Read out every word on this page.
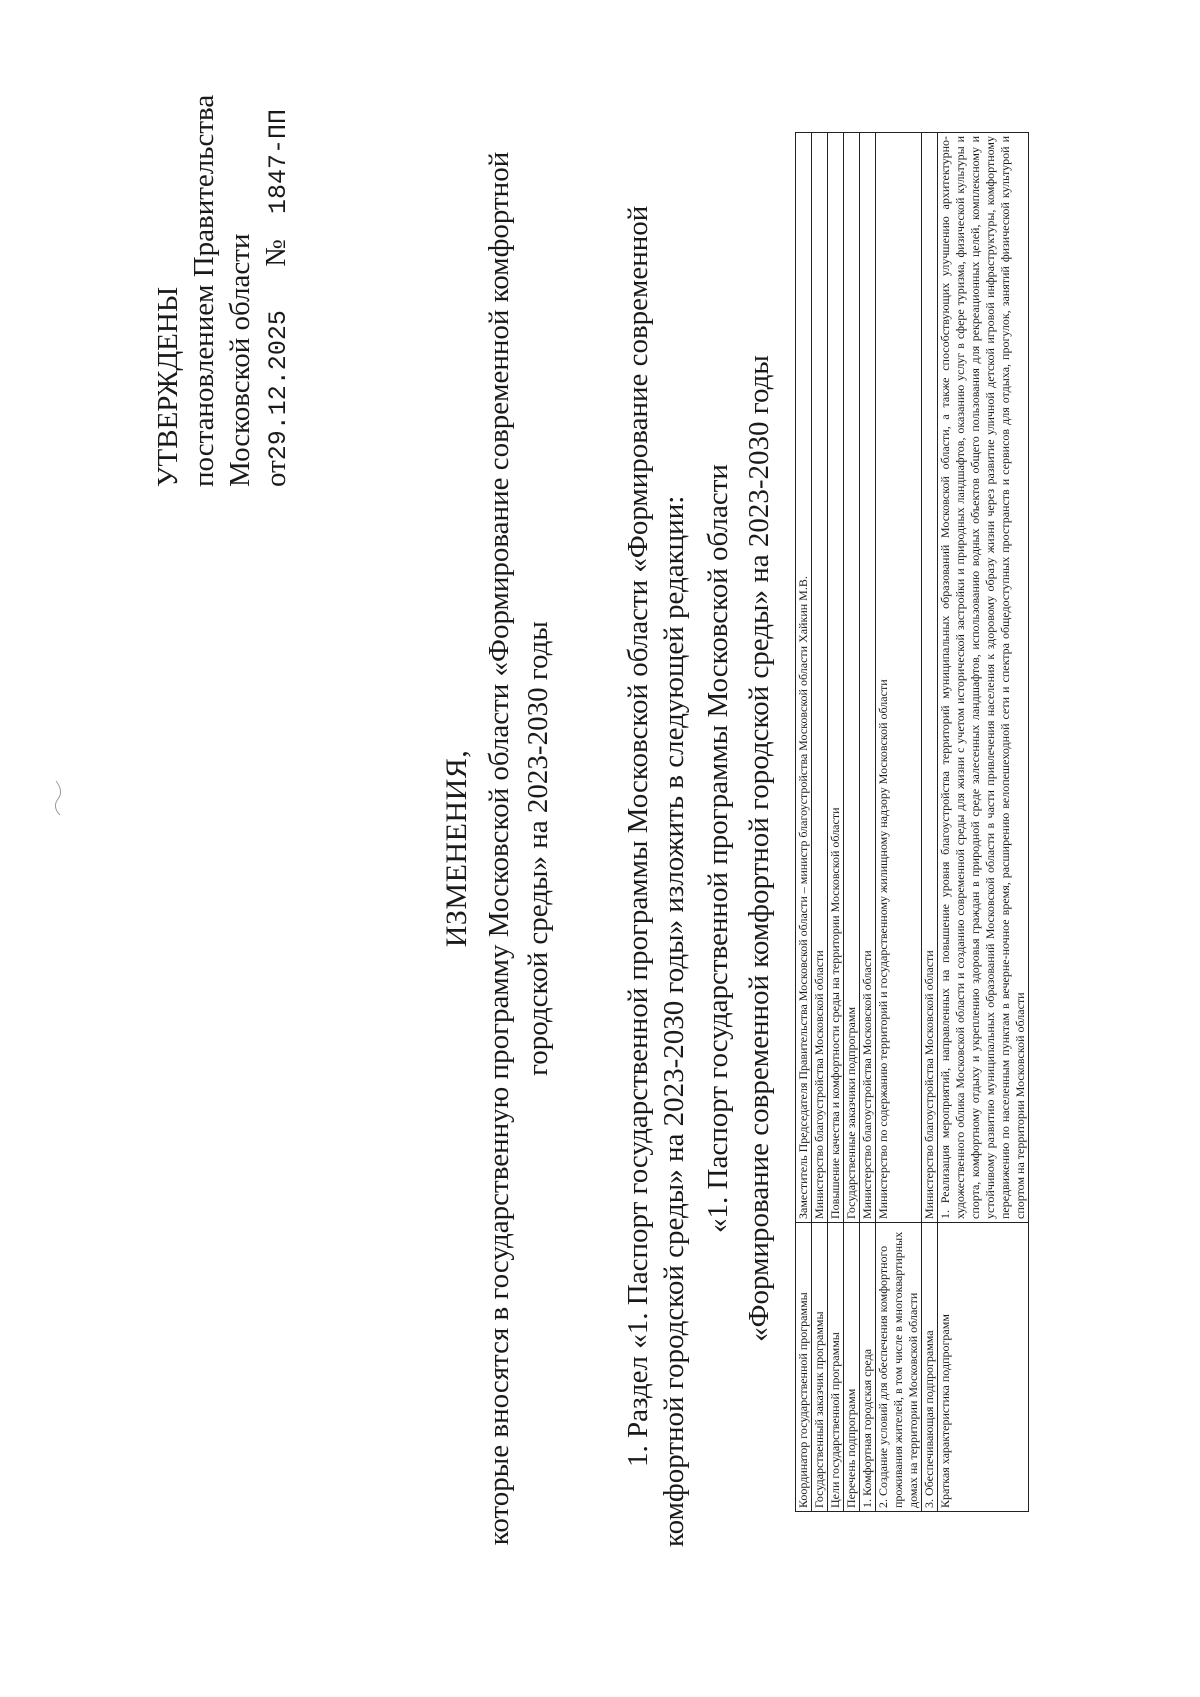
УТВЕРЖДЕНЫ постановлением Правительства Московской области от29.12.2025 № 1847-ПП
ИЗМЕНЕНИЯ, которые вносятся в государственную программу Московской области «Формирование современной комфортной городской среды» на 2023-2030 годы 1. Раздел «1. Паспорт государственной программы Московской области «Формирование современной комфортной городской среды» на 2023-2030 годы» изложить в следующей редакции: «1. Паспорт государственной программы Московской области «Формирование современной комфортной городской среды» на 2023-2030 годы
Координатор государственной программы	Заместитель Председателя Правительства Московской области – министр благоустройства Московской области Хайкин М.В.
Государственный заказчик программы	Министерство благоустройства Московской области
Цели государственной программы	Повышение качества и комфортности среды на территории Московской области
Перечень подпрограмм	Государственные заказчики подпрограмм
1. Комфортная городская среда	Министерство благоустройства Московской области
2. Создание условий для обеспечения комфортного проживания жителей, в том числе в многоквартирных домах на территории Московской области	Министерство по содержанию территорий и государственному жилищному надзору Московской области
3. Обеспечивающая подпрограмма	Министерство благоустройства Московской области
Краткая характеристика подпрограмм	1. Реализация мероприятий, направленных на повышение уровня благоустройства территорий муниципальных образований Московской области, а также способствующих улучшению архитектурно-художественного облика Московской области и созданию современной среды для жизни с учетом исторической застройки и природных ландшафтов, оказанию услуг в сфере туризма, физической культуры и спорта, комфортному отдыху и укреплению здоровья граждан в природной среде залесенных ландшафтов, использованию водных объектов общего пользования для рекреационных целей, комплексному и устойчивому развитию муниципальных образований Московской области в части привлечения населения к здоровому образу жизни через развитие уличной детской игровой инфраструктуры, комфортному передвижению по населенным пунктам в вечерне-ночное время, расширению велопешеходной сети и спектра общедоступных пространств и сервисов для отдыха, прогулок, занятий физической культурой и спортом на территории Московской области
